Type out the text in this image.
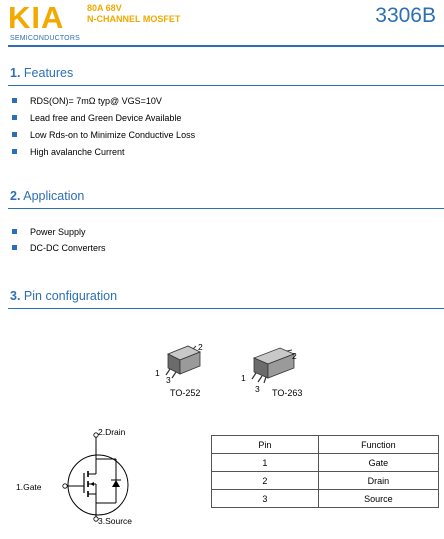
KIA
SEMICONDUCTORS
80A 68V
N-CHANNEL MOSFET	3306B
1. Features
RDS(ON)= 7mΩ typ@ VGS=10V
Lead free and Green Device Available
Low Rds-on to Minimize Conductive Loss
High avalanche Current
2. Application
Power Supply
DC-DC Converters
3. Pin configuration
1
2
3
TO-252
1
2
3 TO-263
2.Drain
1.Gate
3.Source
Pin	Function
1	Gate
2	Drain
3	Source
